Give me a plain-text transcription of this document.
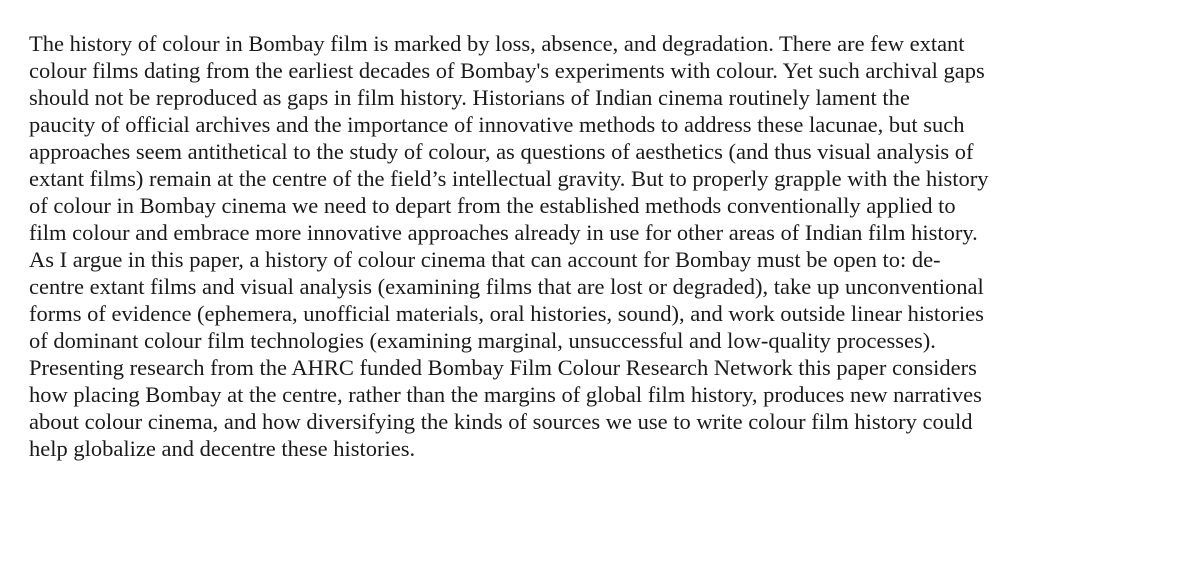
The history of colour in Bombay film is marked by loss, absence, and degradation. There are few extant
colour films dating from the earliest decades of Bombay's experiments with colour. Yet such archival gaps
should not be reproduced as gaps in film history. Historians of Indian cinema routinely lament the
paucity of official archives and the importance of innovative methods to address these lacunae, but such
approaches seem antithetical to the study of colour, as questions of aesthetics (and thus visual analysis of
extant films) remain at the centre of the field’s intellectual gravity. But to properly grapple with the history
of colour in Bombay cinema we need to depart from the established methods conventionally applied to
film colour and embrace more innovative approaches already in use for other areas of Indian film history.
As I argue in this paper, a history of colour cinema that can account for Bombay must be open to: de-
centre extant films and visual analysis (examining films that are lost or degraded), take up unconventional
forms of evidence (ephemera, unofficial materials, oral histories, sound), and work outside linear histories
of dominant colour film technologies (examining marginal, unsuccessful and low-quality processes).
Presenting research from the AHRC funded Bombay Film Colour Research Network this paper considers
how placing Bombay at the centre, rather than the margins of global film history, produces new narratives
about colour cinema, and how diversifying the kinds of sources we use to write colour film history could
help globalize and decentre these histories.
